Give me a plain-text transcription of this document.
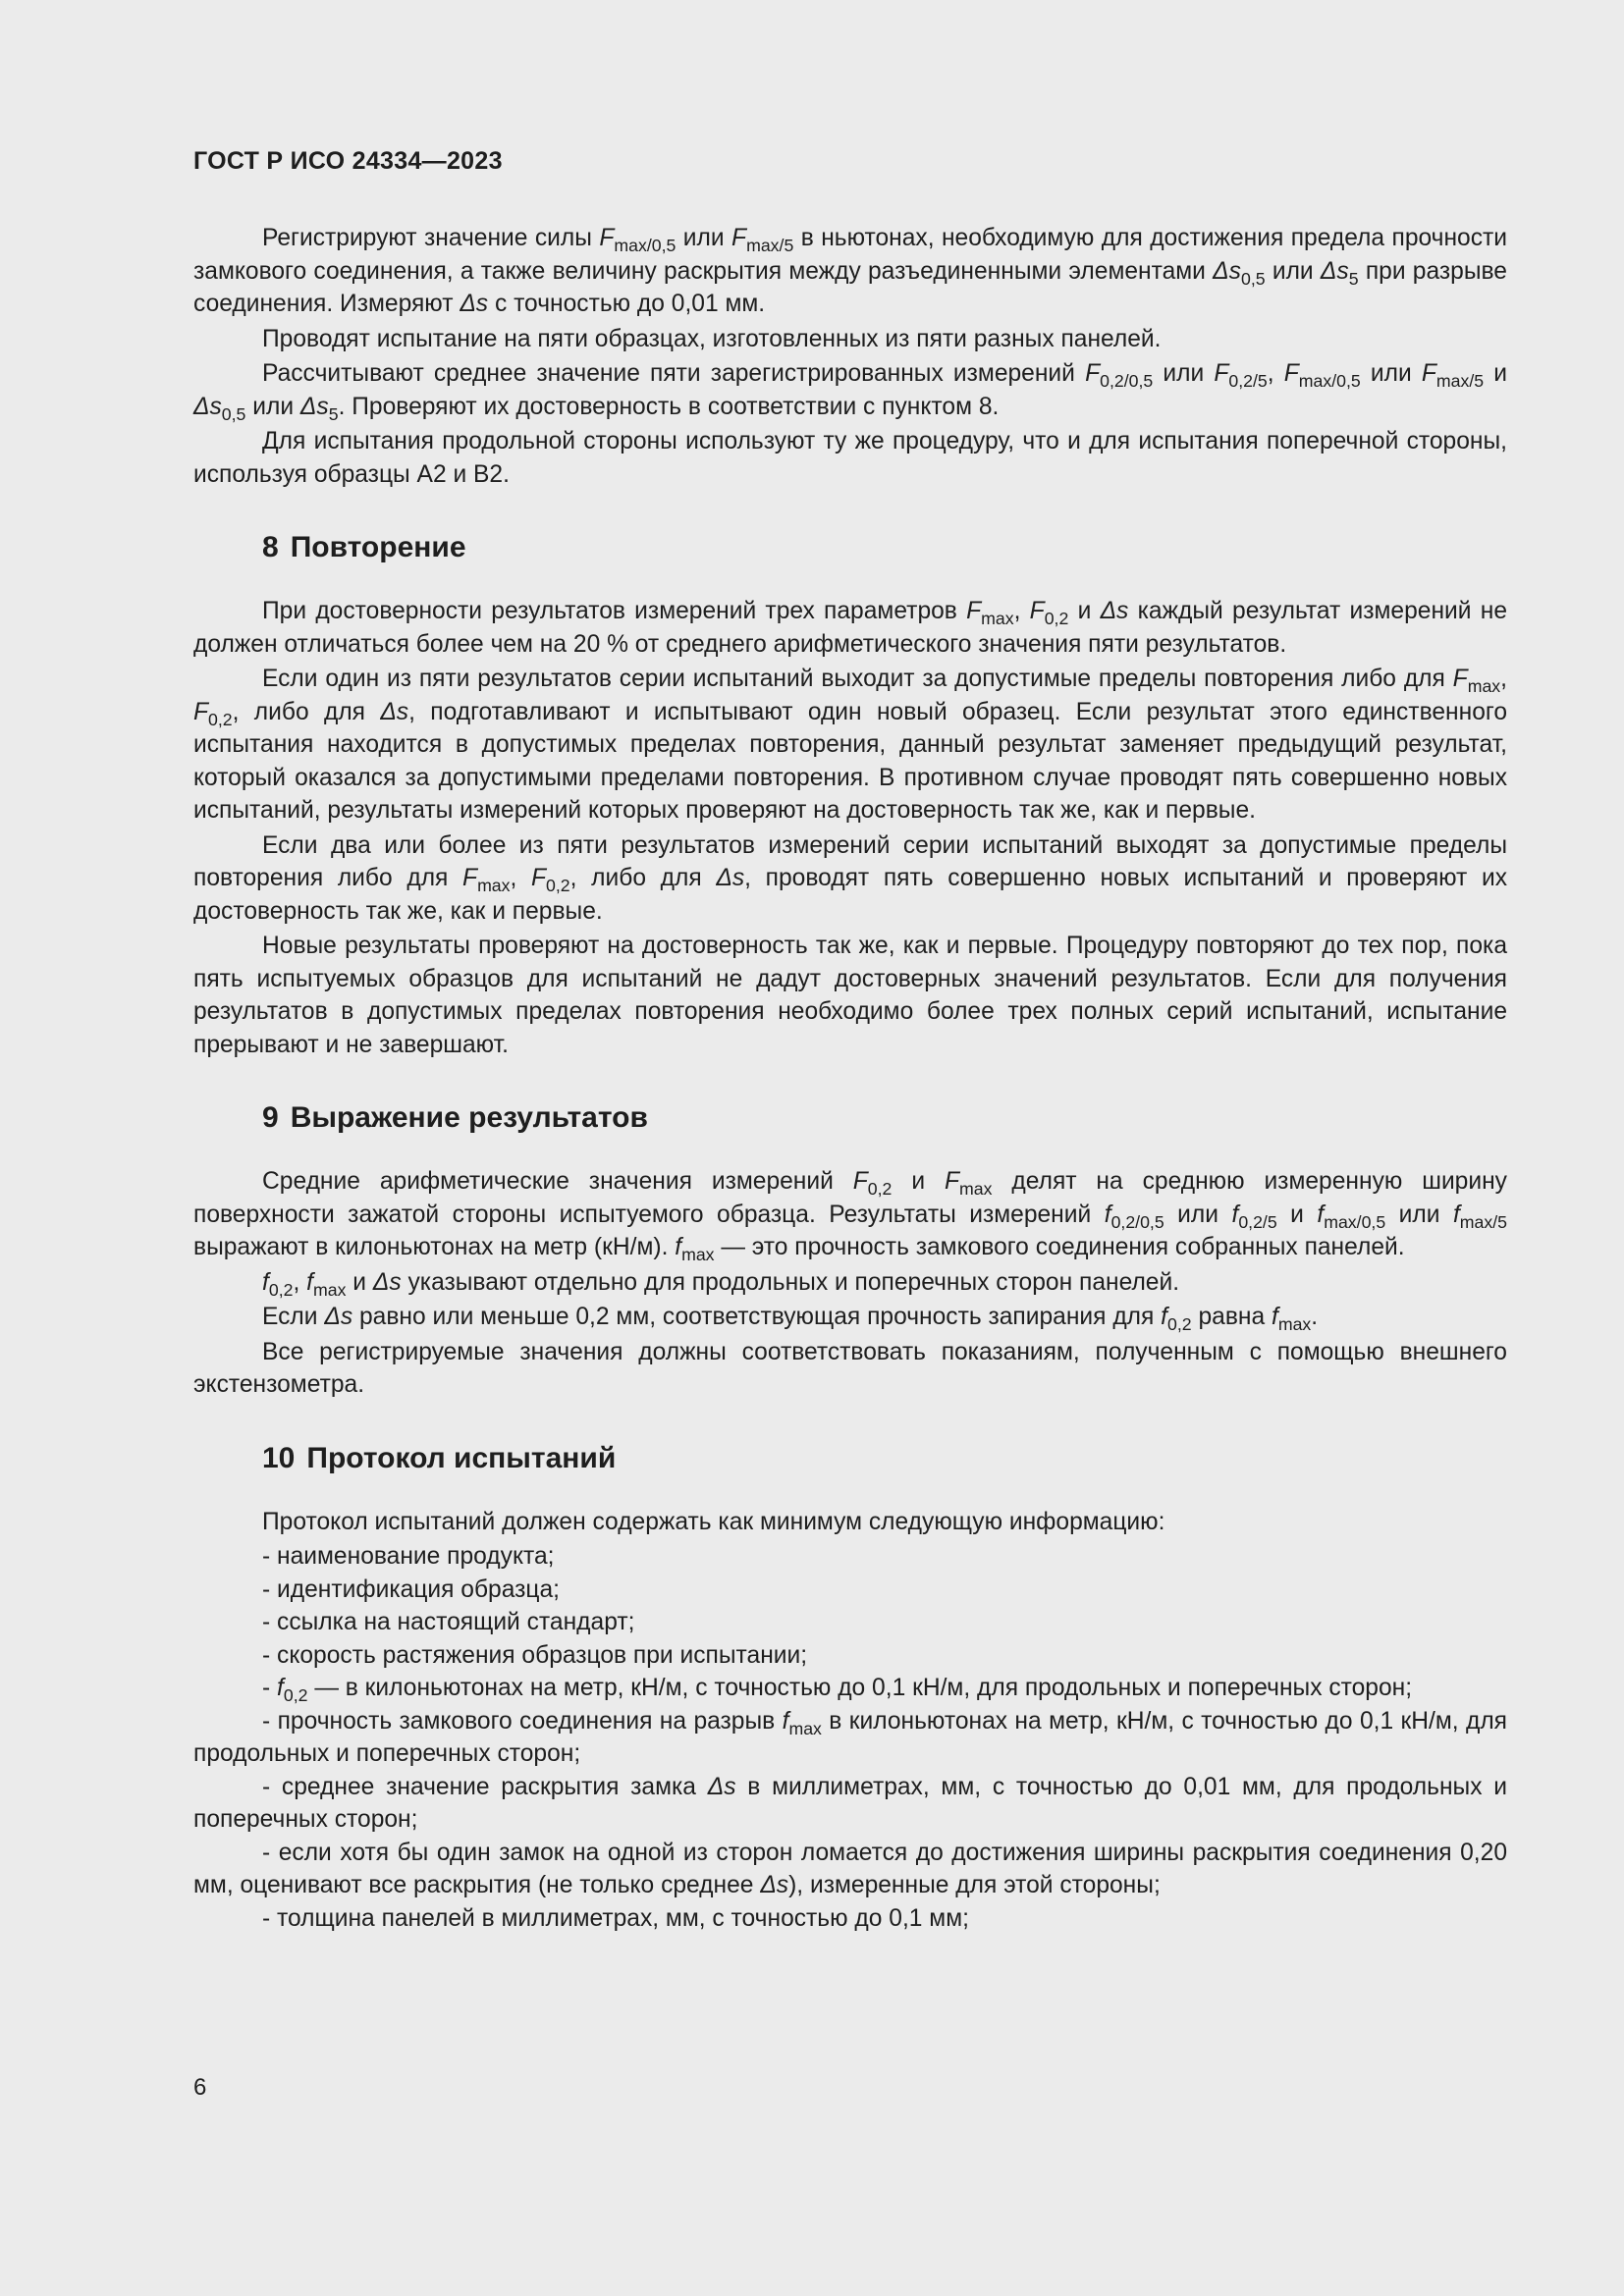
ГОСТ Р ИСО 24334—2023

Регистрируют значение силы $F_{max/0,5}$ или $F_{max/5}$ в ньютонах, необходимую для достижения предела прочности замкового соединения, а также величину раскрытия между разъединенными элементами $\Delta s_{0,5}$ или $\Delta s_5$ при разрыве соединения. Измеряют Δs с точностью до 0,01 мм.

Проводят испытание на пяти образцах, изготовленных из пяти разных панелей.

Рассчитывают среднее значение пяти зарегистрированных измерений $F_{0,2/0,5}$ или $F_{0,2/5}$, $F_{max/0,5}$ или $F_{max/5}$ и $\Delta s_{0,5}$ или $\Delta s_5$. Проверяют их достоверность в соответствии с пунктом 8.

Для испытания продольной стороны используют ту же процедуру, что и для испытания поперечной стороны, используя образцы А2 и В2.

8 Повторение

При достоверности результатов измерений трех параметров $F_{max}$, $F_{0,2}$ и Δs каждый результат измерений не должен отличаться более чем на 20 % от среднего арифметического значения пяти результатов.

Если один из пяти результатов серии испытаний выходит за допустимые пределы повторения либо для $F_{max}$, $F_{0,2}$, либо для Δs, подготавливают и испытывают один новый образец. Если результат этого единственного испытания находится в допустимых пределах повторения, данный результат заменяет предыдущий результат, который оказался за допустимыми пределами повторения. В противном случае проводят пять совершенно новых испытаний, результаты измерений которых проверяют на достоверность так же, как и первые.

Если два или более из пяти результатов измерений серии испытаний выходят за допустимые пределы повторения либо для $F_{max}$, $F_{0,2}$, либо для Δs, проводят пять совершенно новых испытаний и проверяют их достоверность так же, как и первые.

Новые результаты проверяют на достоверность так же, как и первые. Процедуру повторяют до тех пор, пока пять испытуемых образцов для испытаний не дадут достоверных значений результатов. Если для получения результатов в допустимых пределах повторения необходимо более трех полных серий испытаний, испытание прерывают и не завершают.

9 Выражение результатов

Средние арифметические значения измерений $F_{0,2}$ и $F_{max}$ делят на среднюю измеренную ширину поверхности зажатой стороны испытуемого образца. Результаты измерений $f_{0,2/0,5}$ или $f_{0,2/5}$ и $f_{max/0,5}$ или $f_{max/5}$ выражают в килоньютонах на метр (кН/м). $f_{max}$ — это прочность замкового соединения собранных панелей.

$f_{0,2}$, $f_{max}$ и Δs указывают отдельно для продольных и поперечных сторон панелей.

Если Δs равно или меньше 0,2 мм, соответствующая прочность запирания для $f_{0,2}$ равна $f_{max}$.

Все регистрируемые значения должны соответствовать показаниям, полученным с помощью внешнего экстензометра.

10 Протокол испытаний

Протокол испытаний должен содержать как минимум следующую информацию:

- наименование продукта;

- идентификация образца;

- ссылка на настоящий стандарт;

- скорость растяжения образцов при испытании;

- $f_{0,2}$ — в килоньютонах на метр, кН/м, с точностью до 0,1 кН/м, для продольных и поперечных сторон;

- прочность замкового соединения на разрыв $f_{max}$ в килоньютонах на метр, кН/м, с точностью до 0,1 кН/м, для продольных и поперечных сторон;

- среднее значение раскрытия замка Δs в миллиметрах, мм, с точностью до 0,01 мм, для продольных и поперечных сторон;

- если хотя бы один замок на одной из сторон ломается до достижения ширины раскрытия соединения 0,20 мм, оценивают все раскрытия (не только среднее Δs), измеренные для этой стороны;

- толщина панелей в миллиметрах, мм, с точностью до 0,1 мм;

6
